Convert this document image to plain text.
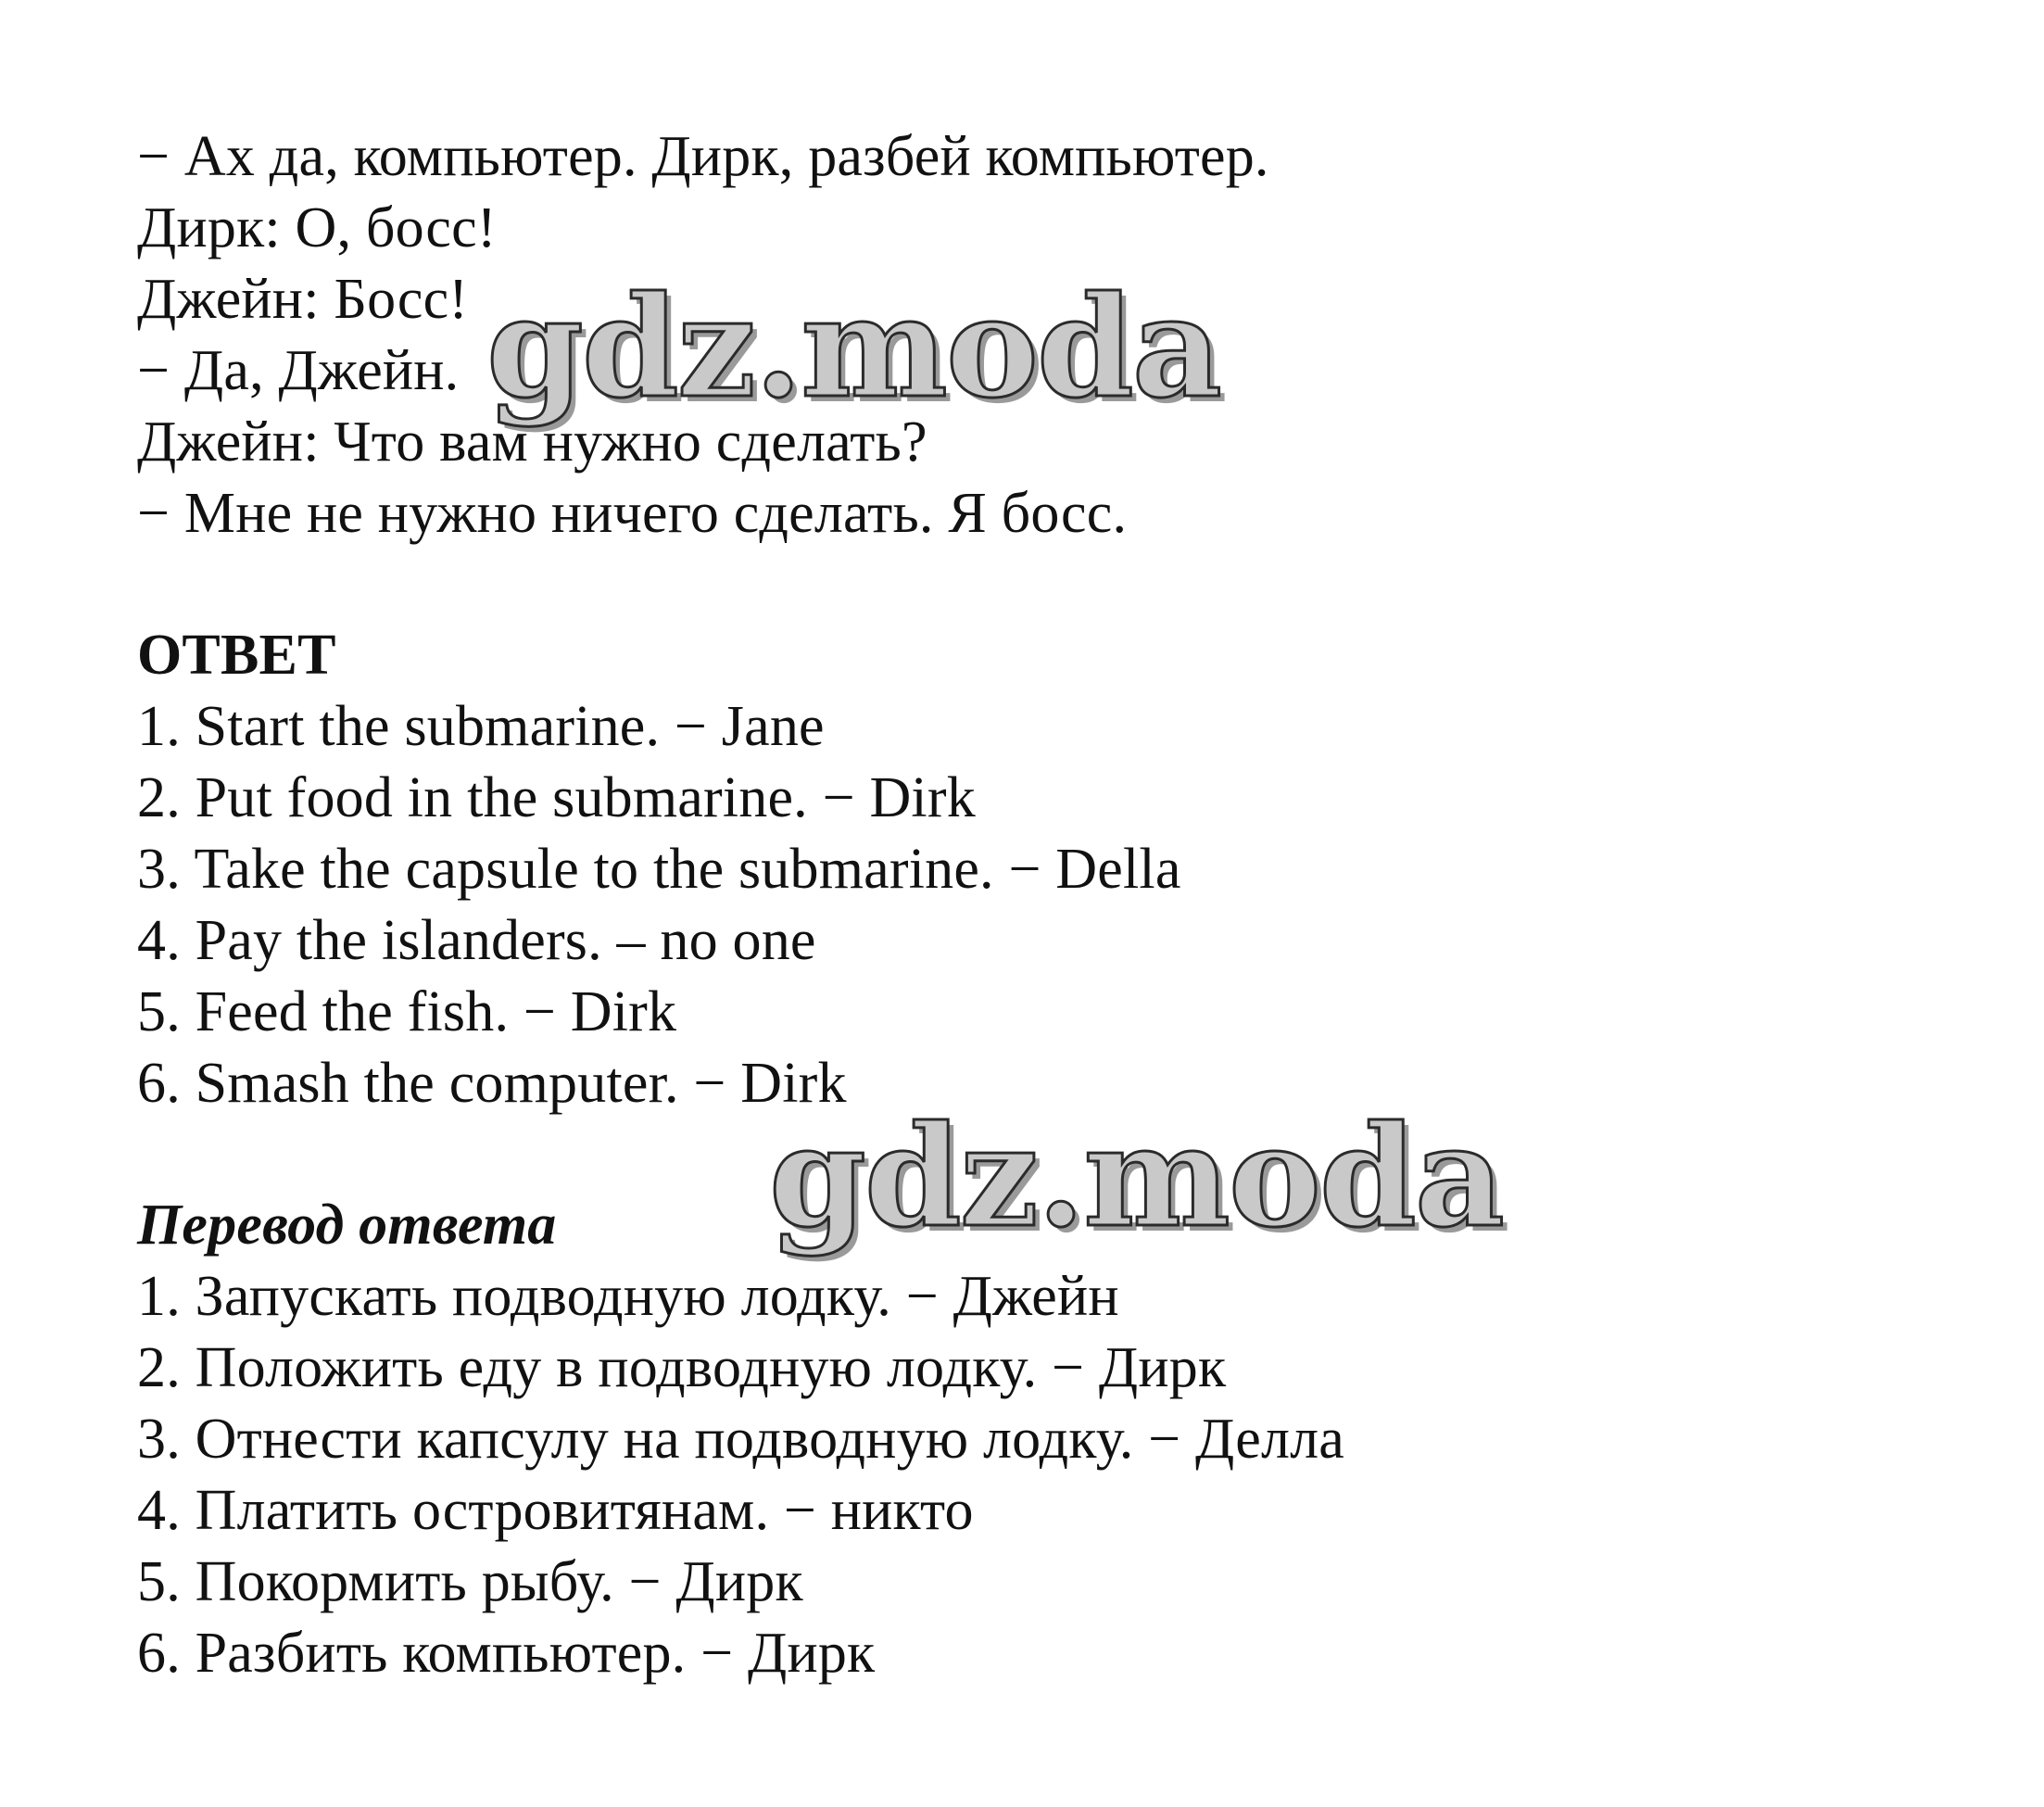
− Ах да, компьютер. Дирк, разбей компьютер.
Дирк: О, босс!
Джейн: Босс!
− Да, Джейн.
Джейн: Что вам нужно сделать?
− Мне не нужно ничего сделать. Я босс.
ОТВЕТ
1. Start the submarine. − Jane
2. Put food in the submarine. − Dirk
3. Take the capsule to the submarine. − Della
4. Pay the islanders. – no one
5. Feed the fish. − Dirk
6. Smash the computer. − Dirk
Перевод ответа
1. Запускать подводную лодку. − Джейн
2. Положить еду в подводную лодку. − Дирк
3. Отнести капсулу на подводную лодку. − Делла
4. Платить островитянам. − никто
5. Покормить рыбу. − Дирк
6. Разбить компьютер. − Дирк
gdz.moda
gdz.moda
